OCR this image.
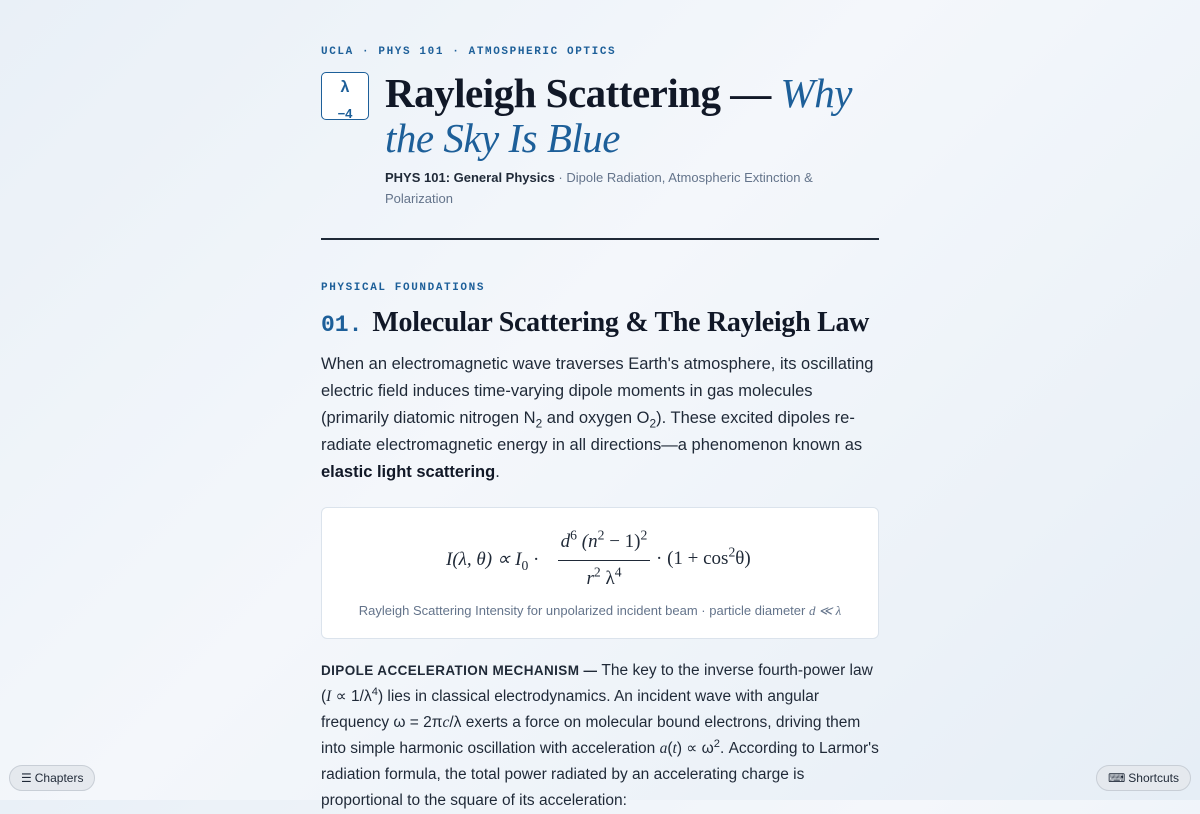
UCLA · PHYS 101 · ATMOSPHERIC OPTICS
λ
−4 Rayleigh Scattering — Why the Sky Is Blue
PHYS 101: General Physics · Dipole Radiation, Atmospheric Extinction & Polarization
PHYSICAL FOUNDATIONS
01. Molecular Scattering & The Rayleigh Law

When an electromagnetic wave traverses Earth's atmosphere, its oscillating electric field induces time-varying dipole moments in gas molecules (primarily diatomic nitrogen $N_2$ and oxygen $O_2$). These excited dipoles re-radiate electromagnetic energy in all directions—a phenomenon known as elastic light scattering.

I(λ, $\theta) \propto I_0$ ·
$d^6$ $(n^2 - 1)^2$
$r^2$ $\lambda^4$
· $(1 + \cos^2\theta)$
Rayleigh Scattering Intensity for unpolarized incident beam · particle diameter d ≪ λ

DIPOLE ACCELERATION MECHANISM — The key to the inverse fourth-power law $(I \propto 1/\lambda^4)$ lies in classical electrodynamics. An incident wave with angular frequency ω = 2πc/λ exerts a force on molecular bound electrons, driving them into simple harmonic oscillation with acceleration $a(t) \propto \omega^2$. According to Larmor's radiation formula, the total power radiated by an accelerating charge is proportional to the square of its acceleration:

☰ Chapters	⌨ Shortcuts
